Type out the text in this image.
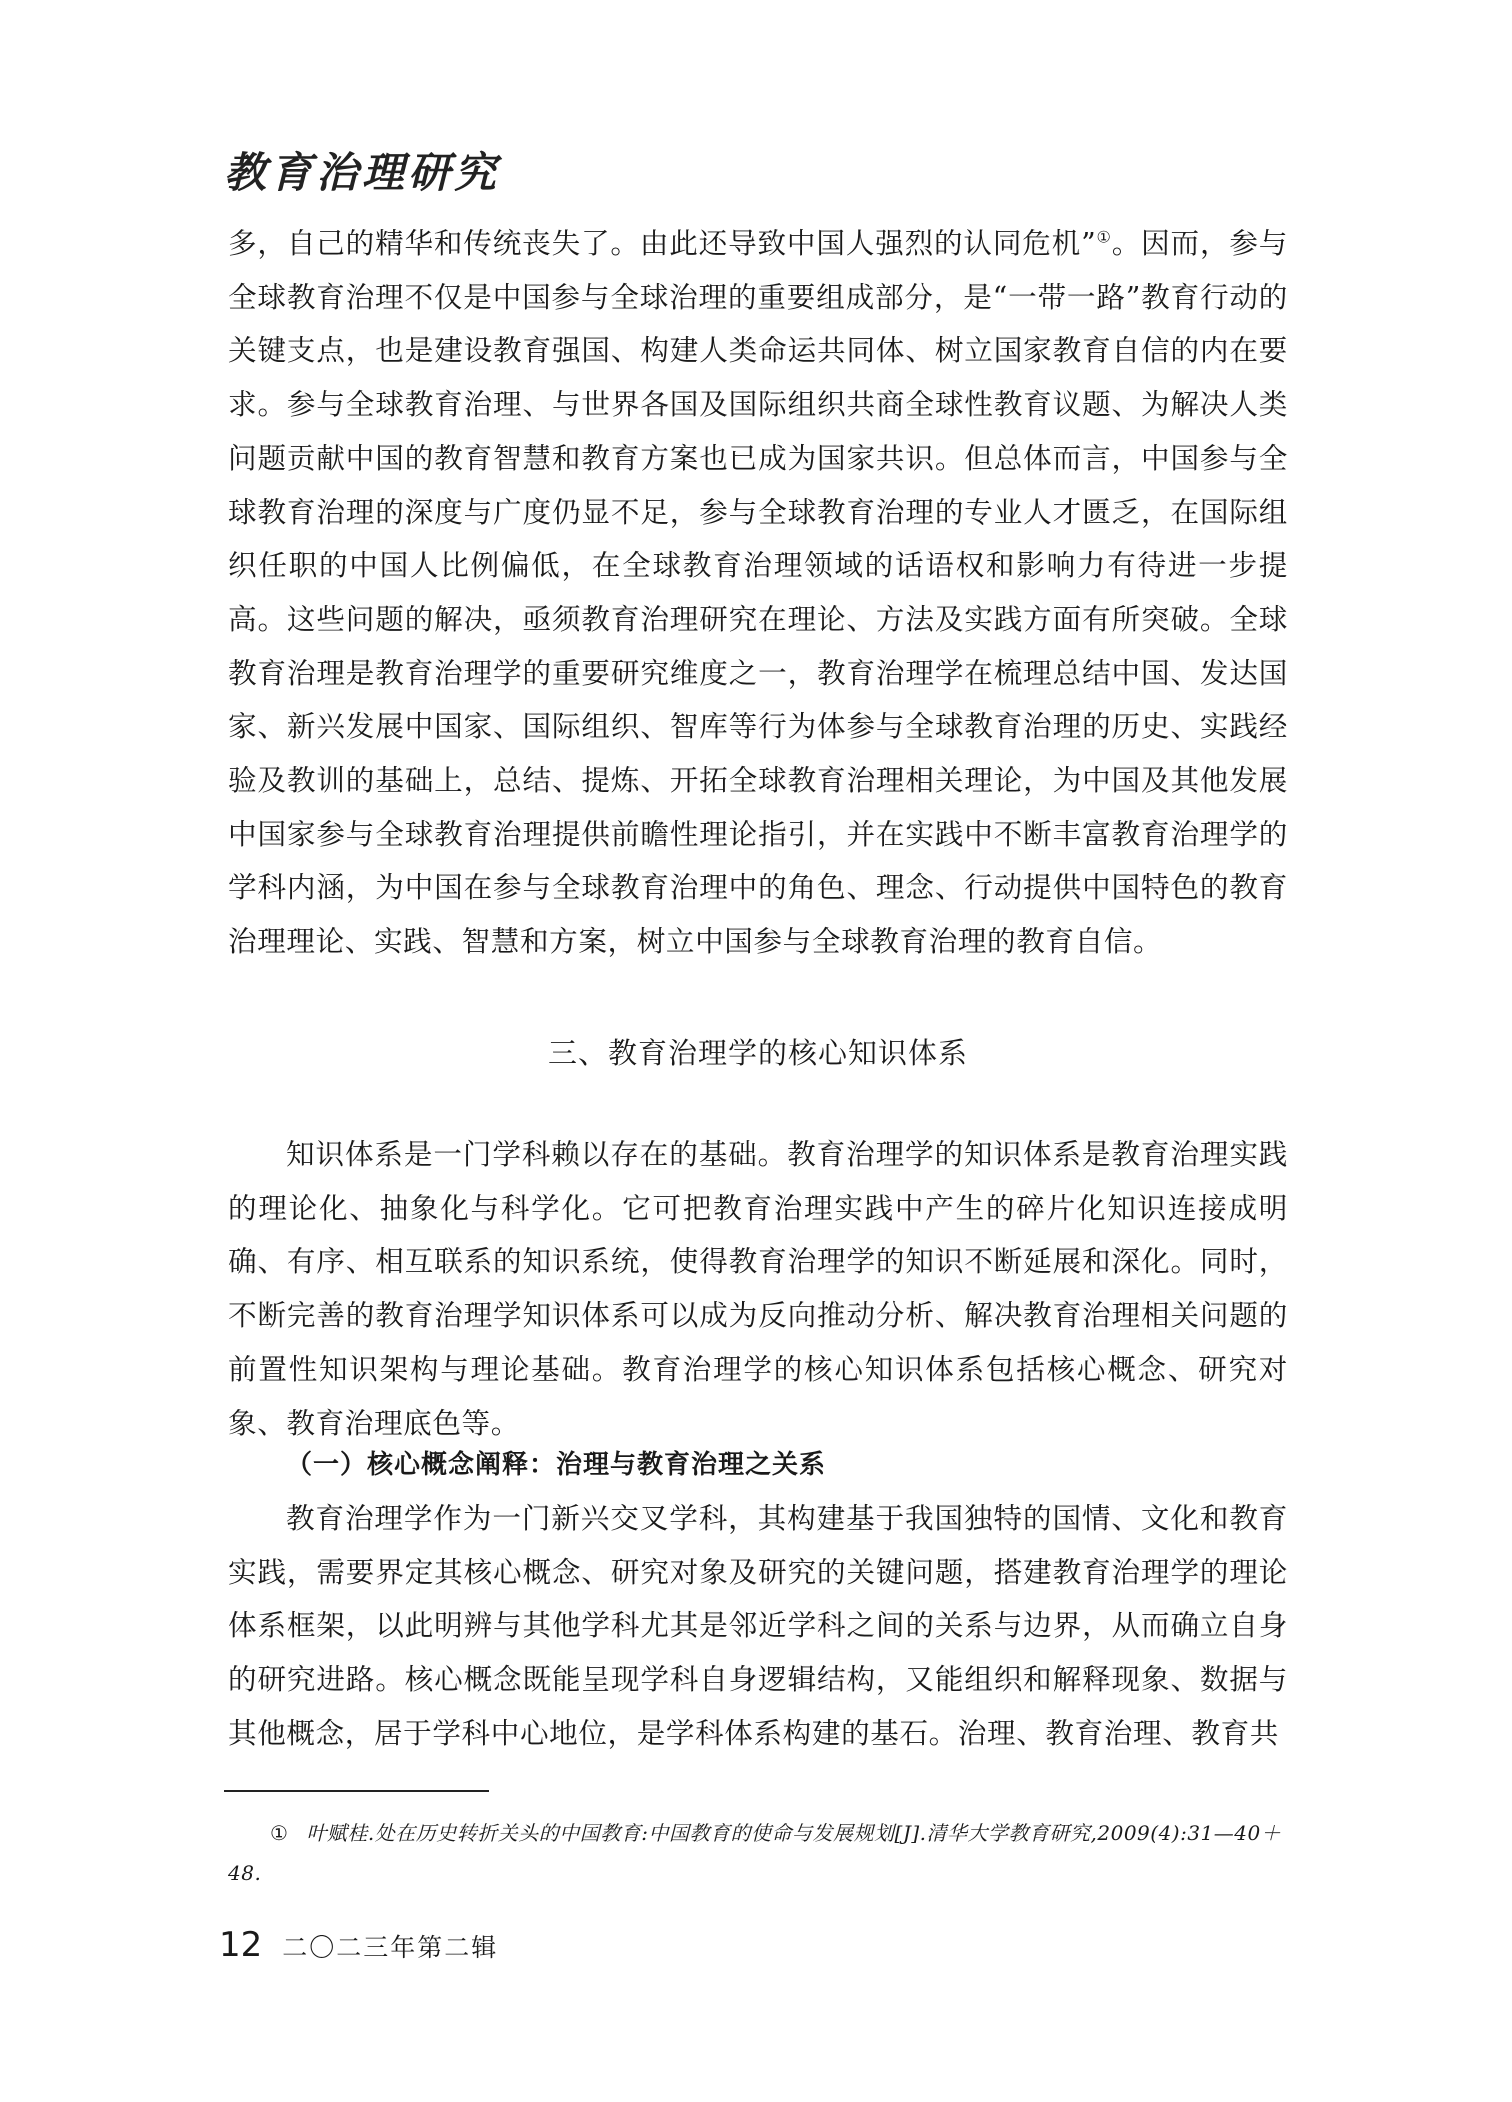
教育治理研究

多，自己的精华和传统丧失了。由此还导致中国人强烈的认同危机”①。因而，参与全球教育治理不仅是中国参与全球治理的重要组成部分，是“一带一路”教育行动的关键支点，也是建设教育强国、构建人类命运共同体、树立国家教育自信的内在要求。参与全球教育治理、与世界各国及国际组织共商全球性教育议题、为解决人类问题贡献中国的教育智慧和教育方案也已成为国家共识。但总体而言，中国参与全球教育治理的深度与广度仍显不足，参与全球教育治理的专业人才匮乏，在国际组织任职的中国人比例偏低，在全球教育治理领域的话语权和影响力有待进一步提高。这些问题的解决，亟须教育治理研究在理论、方法及实践方面有所突破。全球教育治理是教育治理学的重要研究维度之一，教育治理学在梳理总结中国、发达国家、新兴发展中国家、国际组织、智库等行为体参与全球教育治理的历史、实践经验及教训的基础上，总结、提炼、开拓全球教育治理相关理论，为中国及其他发展中国家参与全球教育治理提供前瞻性理论指引，并在实践中不断丰富教育治理学的学科内涵，为中国在参与全球教育治理中的角色、理念、行动提供中国特色的教育治理理论、实践、智慧和方案，树立中国参与全球教育治理的教育自信。

三、教育治理学的核心知识体系

知识体系是一门学科赖以存在的基础。教育治理学的知识体系是教育治理实践的理论化、抽象化与科学化。它可把教育治理实践中产生的碎片化知识连接成明确、有序、相互联系的知识系统，使得教育治理学的知识不断延展和深化。同时，不断完善的教育治理学知识体系可以成为反向推动分析、解决教育治理相关问题的前置性知识架构与理论基础。教育治理学的核心知识体系包括核心概念、研究对象、教育治理底色等。

（一）核心概念阐释：治理与教育治理之关系

教育治理学作为一门新兴交叉学科，其构建基于我国独特的国情、文化和教育实践，需要界定其核心概念、研究对象及研究的关键问题，搭建教育治理学的理论体系框架，以此明辨与其他学科尤其是邻近学科之间的关系与边界，从而确立自身的研究进路。核心概念既能呈现学科自身逻辑结构，又能组织和解释现象、数据与其他概念，居于学科中心地位，是学科体系构建的基石。治理、教育治理、教育共

① 叶赋桂.处在历史转折关头的中国教育:中国教育的使命与发展规划[J].清华大学教育研究,2009(4):31—40＋48.
12 二〇二三年第二辑
